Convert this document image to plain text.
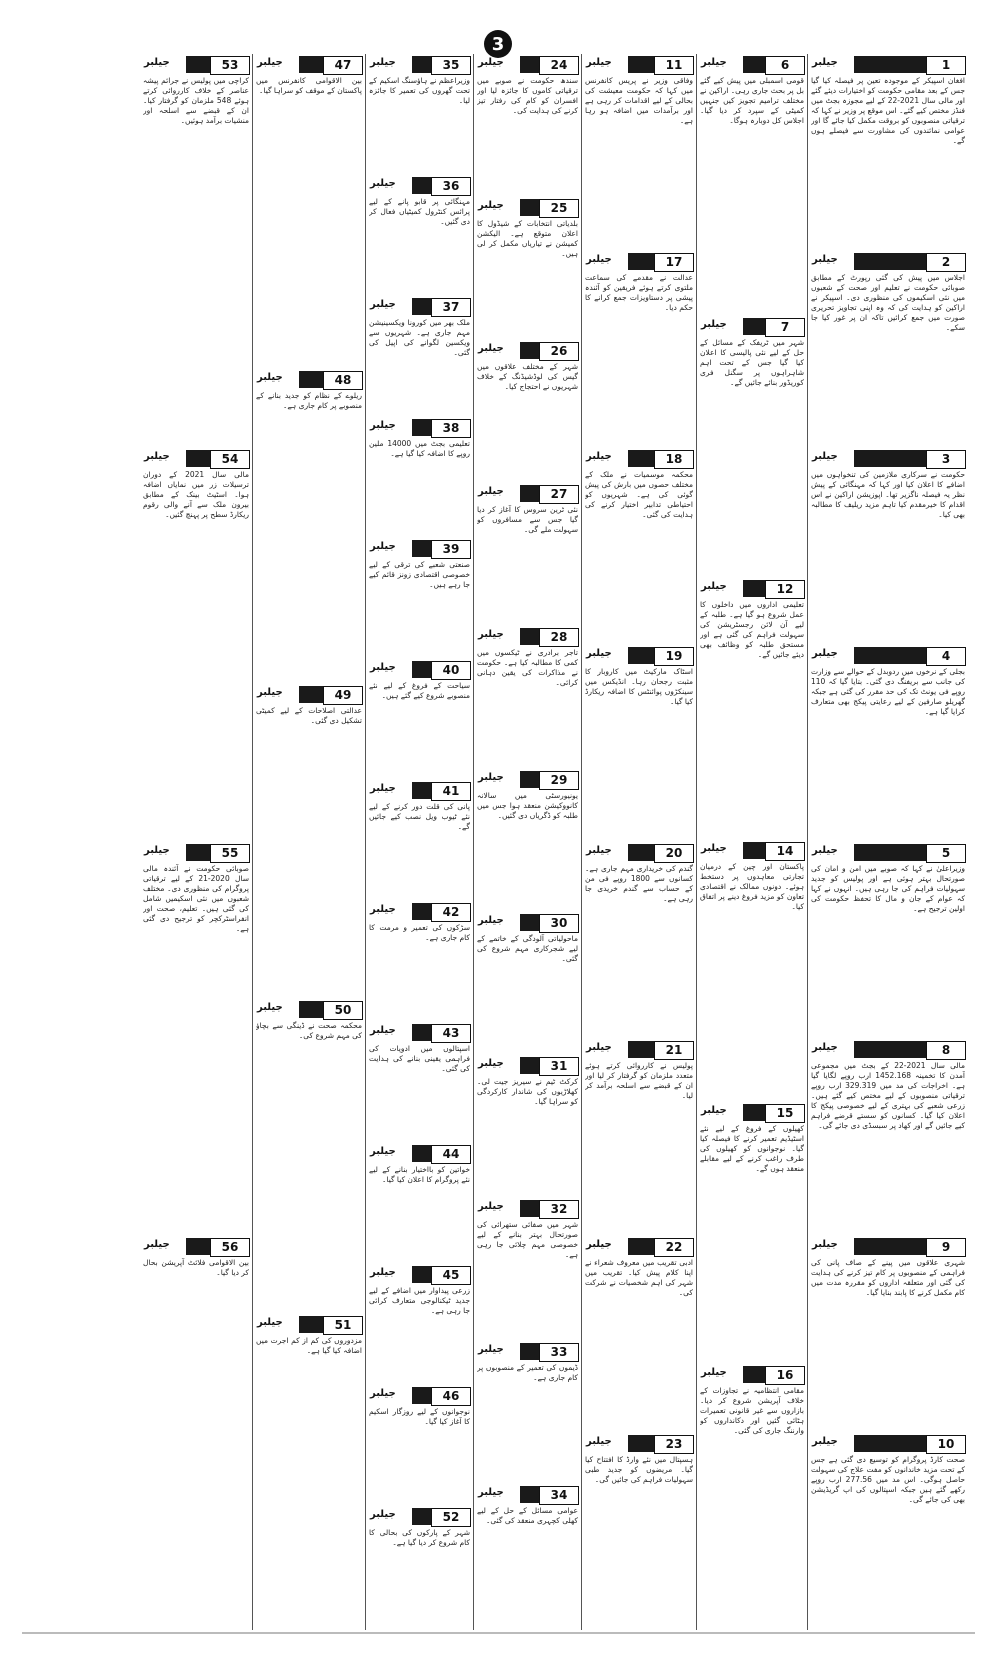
3
جیلبر	1
افغان اسپیکر کے موجودہ تعین پر فیصلہ کیا گیا جس کے بعد مقامی حکومت کو اختیارات دیئے گئے اور مالی سال 2021-22 کے لیے مجوزہ بجٹ میں فنڈز مختص کیے گئے۔ اس موقع پر وزیر نے کہا کہ ترقیاتی منصوبوں کو بروقت مکمل کیا جائے گا اور عوامی نمائندوں کی مشاورت سے فیصلے ہوں گے۔
جیلبر	2
اجلاس میں پیش کی گئی رپورٹ کے مطابق صوبائی حکومت نے تعلیم اور صحت کے شعبوں میں نئی اسکیموں کی منظوری دی۔ اسپیکر نے اراکین کو ہدایت کی کہ وہ اپنی تجاویز تحریری صورت میں جمع کرائیں تاکہ ان پر غور کیا جا سکے۔
جیلبر	3
حکومت نے سرکاری ملازمین کی تنخواہوں میں اضافے کا اعلان کیا اور کہا کہ مہنگائی کے پیش نظر یہ فیصلہ ناگزیر تھا۔ اپوزیشن اراکین نے اس اقدام کا خیرمقدم کیا تاہم مزید ریلیف کا مطالبہ بھی کیا۔
جیلبر	4
بجلی کے نرخوں میں ردوبدل کے حوالے سے وزارت کی جانب سے بریفنگ دی گئی۔ بتایا گیا کہ 110 روپے فی یونٹ تک کی حد مقرر کی گئی ہے جبکہ گھریلو صارفین کے لیے رعایتی پیکج بھی متعارف کرایا گیا ہے۔
جیلبر	5
وزیراعلیٰ نے کہا کہ صوبے میں امن و امان کی صورتحال بہتر ہوئی ہے اور پولیس کو جدید سہولیات فراہم کی جا رہی ہیں۔ انہوں نے کہا کہ عوام کے جان و مال کا تحفظ حکومت کی اولین ترجیح ہے۔
جیلبر	8
مالی سال 2021-22 کے بجٹ میں مجموعی آمدن کا تخمینہ 1452.168 ارب روپے لگایا گیا ہے۔ اخراجات کی مد میں 329.319 ارب روپے ترقیاتی منصوبوں کے لیے مختص کیے گئے ہیں۔ زرعی شعبے کی بہتری کے لیے خصوصی پیکج کا اعلان کیا گیا۔ کسانوں کو سستے قرضے فراہم کیے جائیں گے اور کھاد پر سبسڈی دی جائے گی۔
جیلبر	9
شہری علاقوں میں پینے کے صاف پانی کی فراہمی کے منصوبوں پر کام تیز کرنے کی ہدایت کی گئی اور متعلقہ اداروں کو مقررہ مدت میں کام مکمل کرنے کا پابند بنایا گیا۔
جیلبر	10
صحت کارڈ پروگرام کو توسیع دی گئی ہے جس کے تحت مزید خاندانوں کو مفت علاج کی سہولت حاصل ہوگی۔ اس مد میں 277.56 ارب روپے رکھے گئے ہیں جبکہ اسپتالوں کی اپ گریڈیشن بھی کی جائے گی۔
جیلبر	6
قومی اسمبلی میں پیش کیے گئے بل پر بحث جاری رہی۔ اراکین نے مختلف ترامیم تجویز کیں جنہیں کمیٹی کے سپرد کر دیا گیا۔ اجلاس کل دوبارہ ہوگا۔
جیلبر	7
شہر میں ٹریفک کے مسائل کے حل کے لیے نئی پالیسی کا اعلان کیا گیا جس کے تحت اہم شاہراہوں پر سگنل فری کوریڈور بنائے جائیں گے۔
جیلبر	12
تعلیمی اداروں میں داخلوں کا عمل شروع ہو گیا ہے۔ طلبہ کے لیے آن لائن رجسٹریشن کی سہولت فراہم کی گئی ہے اور مستحق طلبہ کو وظائف بھی دیئے جائیں گے۔
جیلبر	14
پاکستان اور چین کے درمیان تجارتی معاہدوں پر دستخط ہوئے۔ دونوں ممالک نے اقتصادی تعاون کو مزید فروغ دینے پر اتفاق کیا۔
جیلبر	15
کھیلوں کے فروغ کے لیے نئے اسٹیڈیم تعمیر کرنے کا فیصلہ کیا گیا۔ نوجوانوں کو کھیلوں کی طرف راغب کرنے کے لیے مقابلے منعقد ہوں گے۔
جیلبر	16
مقامی انتظامیہ نے تجاوزات کے خلاف آپریشن شروع کر دیا۔ بازاروں سے غیر قانونی تعمیرات ہٹائی گئیں اور دکانداروں کو وارننگ جاری کی گئی۔
جیلبر	11
وفاقی وزیر نے پریس کانفرنس میں کہا کہ حکومت معیشت کی بحالی کے لیے اقدامات کر رہی ہے اور برآمدات میں اضافہ ہو رہا ہے۔
جیلبر	17
عدالت نے مقدمے کی سماعت ملتوی کرتے ہوئے فریقین کو آئندہ پیشی پر دستاویزات جمع کرانے کا حکم دیا۔
جیلبر	18
محکمہ موسمیات نے ملک کے مختلف حصوں میں بارش کی پیش گوئی کی ہے۔ شہریوں کو احتیاطی تدابیر اختیار کرنے کی ہدایت کی گئی۔
جیلبر	19
اسٹاک مارکیٹ میں کاروبار کا مثبت رجحان رہا۔ انڈیکس میں سینکڑوں پوائنٹس کا اضافہ ریکارڈ کیا گیا۔
جیلبر	20
گندم کی خریداری مہم جاری ہے۔ کسانوں سے 1800 روپے فی من کے حساب سے گندم خریدی جا رہی ہے۔
جیلبر	21
پولیس نے کارروائی کرتے ہوئے متعدد ملزمان کو گرفتار کر لیا اور ان کے قبضے سے اسلحہ برآمد کر لیا۔
جیلبر	22
ادبی تقریب میں معروف شعراء نے اپنا کلام پیش کیا۔ تقریب میں شہر کی اہم شخصیات نے شرکت کی۔
جیلبر	23
ہسپتال میں نئے وارڈ کا افتتاح کیا گیا۔ مریضوں کو جدید طبی سہولیات فراہم کی جائیں گی۔
جیلبر	24
سندھ حکومت نے صوبے میں ترقیاتی کاموں کا جائزہ لیا اور افسران کو کام کی رفتار تیز کرنے کی ہدایت کی۔
جیلبر	25
بلدیاتی انتخابات کے شیڈول کا اعلان متوقع ہے۔ الیکشن کمیشن نے تیاریاں مکمل کر لی ہیں۔
جیلبر	26
شہر کے مختلف علاقوں میں گیس کی لوڈشیڈنگ کے خلاف شہریوں نے احتجاج کیا۔
جیلبر	27
نئی ٹرین سروس کا آغاز کر دیا گیا جس سے مسافروں کو سہولت ملے گی۔
جیلبر	28
تاجر برادری نے ٹیکسوں میں کمی کا مطالبہ کیا ہے۔ حکومت نے مذاکرات کی یقین دہانی کرائی۔
جیلبر	29
یونیورسٹی میں سالانہ کانووکیشن منعقد ہوا جس میں طلبہ کو ڈگریاں دی گئیں۔
جیلبر	30
ماحولیاتی آلودگی کے خاتمے کے لیے شجرکاری مہم شروع کی گئی۔
جیلبر	31
کرکٹ ٹیم نے سیریز جیت لی۔ کھلاڑیوں کی شاندار کارکردگی کو سراہا گیا۔
جیلبر	32
شہر میں صفائی ستھرائی کی صورتحال بہتر بنانے کے لیے خصوصی مہم چلائی جا رہی ہے۔
جیلبر	33
ڈیموں کی تعمیر کے منصوبوں پر کام جاری ہے۔
جیلبر	34
عوامی مسائل کے حل کے لیے کھلی کچہری منعقد کی گئی۔
جیلبر	35
وزیراعظم نے ہاؤسنگ اسکیم کے تحت گھروں کی تعمیر کا جائزہ لیا۔
جیلبر	36
مہنگائی پر قابو پانے کے لیے پرائس کنٹرول کمیٹیاں فعال کر دی گئیں۔
جیلبر	37
ملک بھر میں کورونا ویکسینیشن مہم جاری ہے۔ شہریوں سے ویکسین لگوانے کی اپیل کی گئی۔
جیلبر	38
تعلیمی بجٹ میں 14000 ملین روپے کا اضافہ کیا گیا ہے۔
جیلبر	39
صنعتی شعبے کی ترقی کے لیے خصوصی اقتصادی زونز قائم کیے جا رہے ہیں۔
جیلبر	40
سیاحت کے فروغ کے لیے نئے منصوبے شروع کیے گئے ہیں۔
جیلبر	41
پانی کی قلت دور کرنے کے لیے نئے ٹیوب ویل نصب کیے جائیں گے۔
جیلبر	42
سڑکوں کی تعمیر و مرمت کا کام جاری ہے۔
جیلبر	43
اسپتالوں میں ادویات کی فراہمی یقینی بنانے کی ہدایت کی گئی۔
جیلبر	44
خواتین کو بااختیار بنانے کے لیے نئے پروگرام کا اعلان کیا گیا۔
جیلبر	45
زرعی پیداوار میں اضافے کے لیے جدید ٹیکنالوجی متعارف کرائی جا رہی ہے۔
جیلبر	46
نوجوانوں کے لیے روزگار اسکیم کا آغاز کیا گیا۔
جیلبر	52
شہر کے پارکوں کی بحالی کا کام شروع کر دیا گیا ہے۔
جیلبر	47
بین الاقوامی کانفرنس میں پاکستان کے موقف کو سراہا گیا۔
جیلبر	48
ریلوے کے نظام کو جدید بنانے کے منصوبے پر کام جاری ہے۔
جیلبر	49
عدالتی اصلاحات کے لیے کمیٹی تشکیل دی گئی۔
جیلبر	50
محکمہ صحت نے ڈینگی سے بچاؤ کی مہم شروع کی۔
جیلبر	51
مزدوروں کی کم از کم اجرت میں اضافہ کیا گیا ہے۔
جیلبر	53
کراچی میں پولیس نے جرائم پیشہ عناصر کے خلاف کارروائی کرتے ہوئے 548 ملزمان کو گرفتار کیا۔ ان کے قبضے سے اسلحہ اور منشیات برآمد ہوئیں۔
جیلبر	54
مالی سال 2021 کے دوران ترسیلات زر میں نمایاں اضافہ ہوا۔ اسٹیٹ بینک کے مطابق بیرون ملک سے آنے والی رقوم ریکارڈ سطح پر پہنچ گئیں۔
جیلبر	55
صوبائی حکومت نے آئندہ مالی سال 2020-21 کے لیے ترقیاتی پروگرام کی منظوری دی۔ مختلف شعبوں میں نئی اسکیمیں شامل کی گئی ہیں۔ تعلیم، صحت اور انفراسٹرکچر کو ترجیح دی گئی ہے۔
جیلبر	56
بین الاقوامی فلائٹ آپریشن بحال کر دیا گیا۔
